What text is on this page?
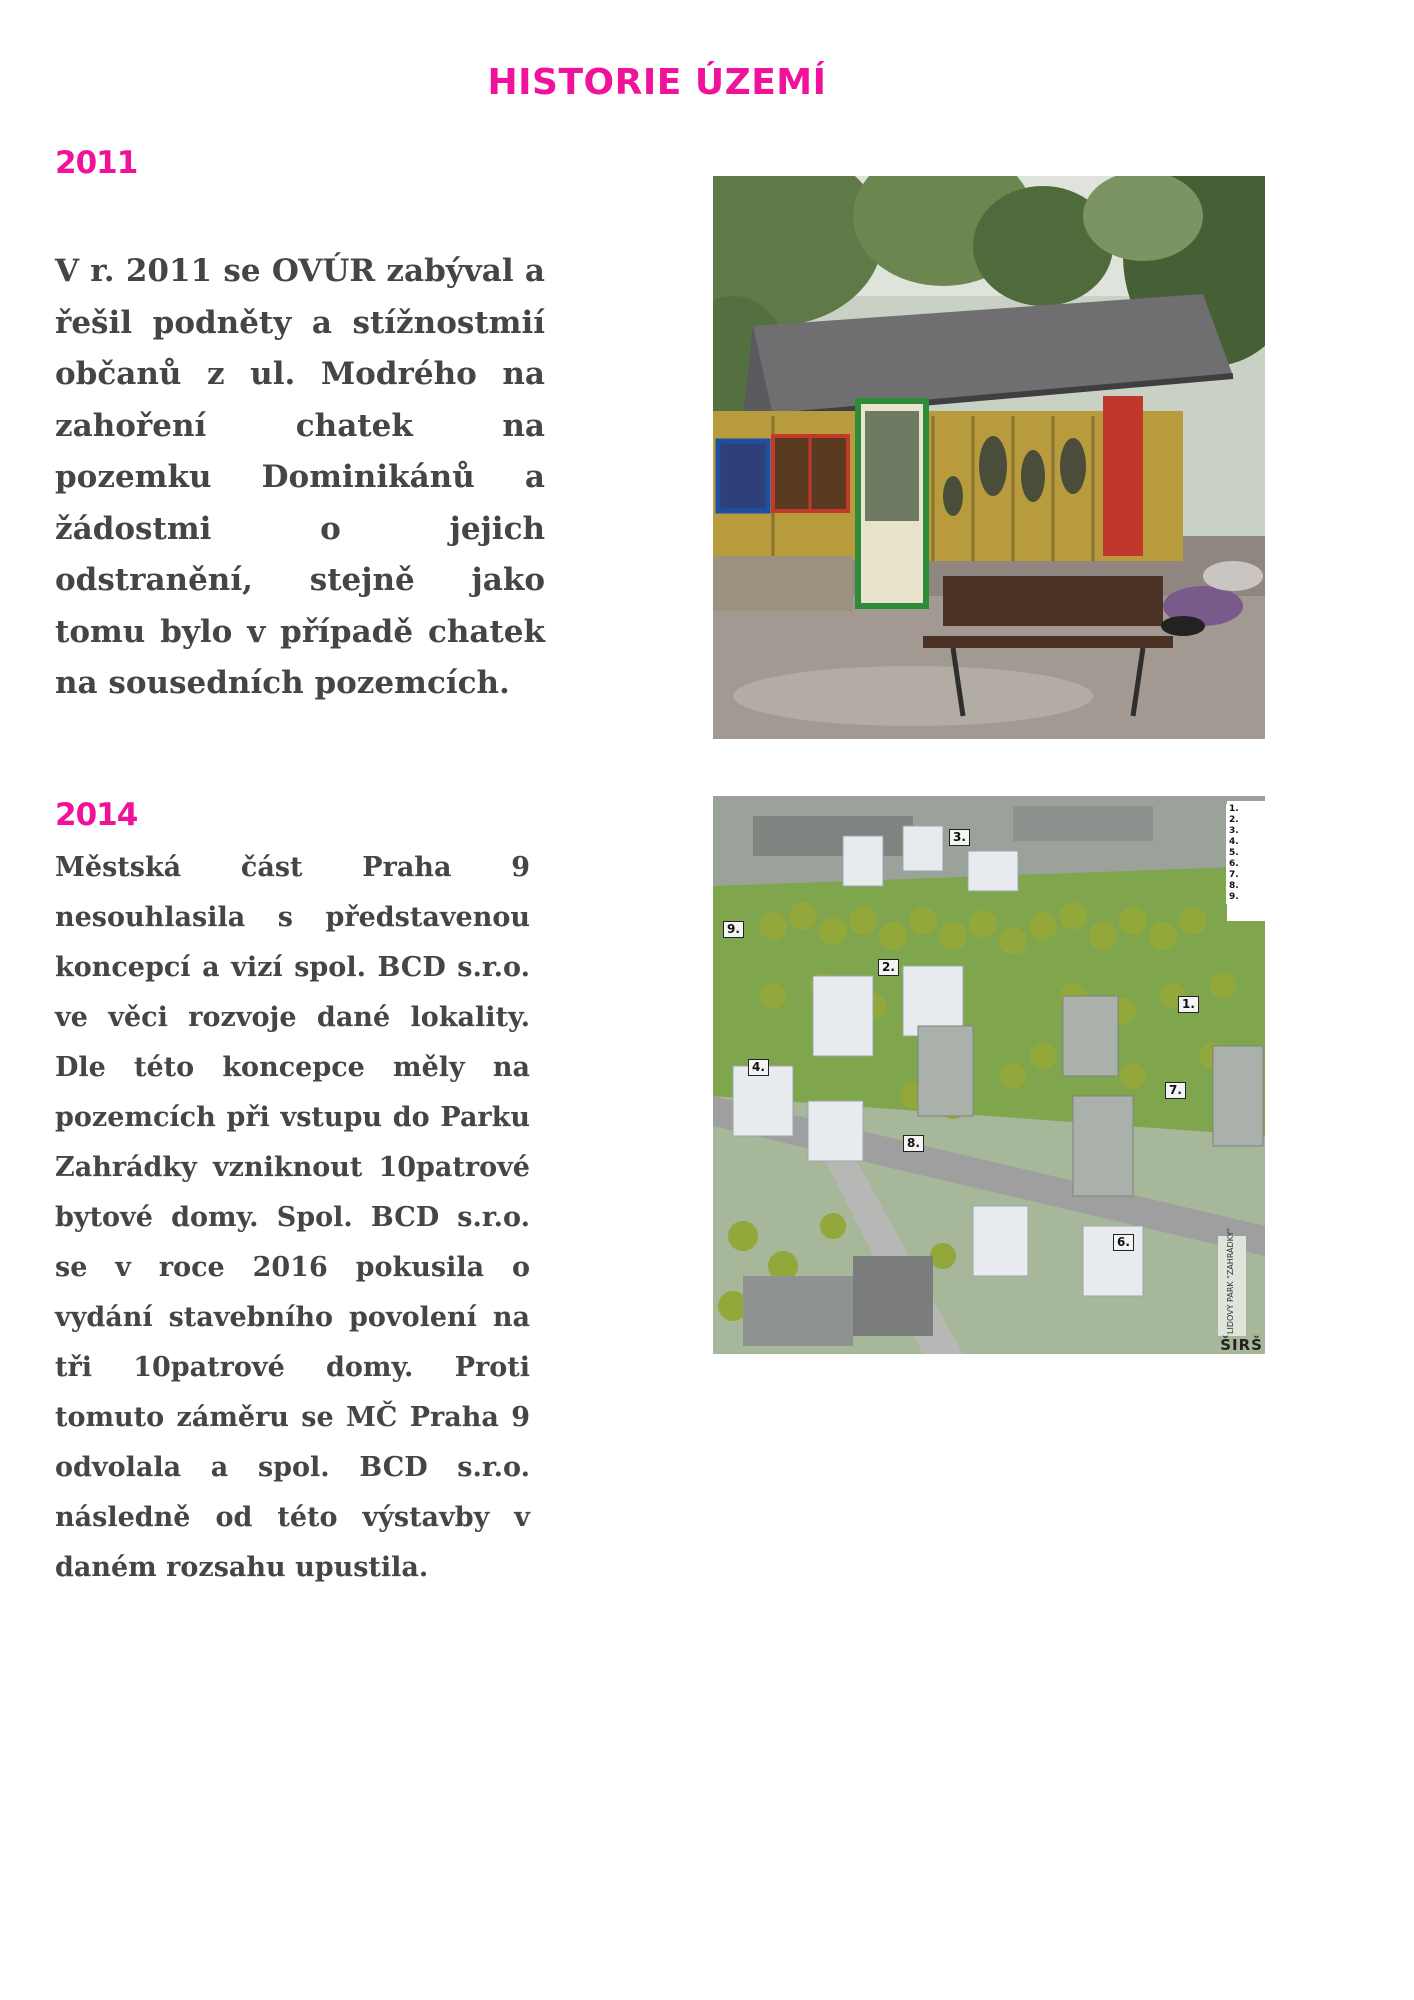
HISTORIE ÚZEMÍ
2011
V r. 2011 se OVÚR zabýval a řešil podněty a stížnostmií občanů z ul. Modrého na zahoření chatek na pozemku Dominikánů a žádostmi o jejich odstranění, stejně jako tomu bylo v případě chatek na sousedních pozemcích.
2014
Městská část Praha 9 nesouhlasila s představenou koncepcí a vizí spol. BCD s.r.o. ve věci rozvoje dané lokality. Dle této koncepce měly na pozemcích při vstupu do Parku Zahrádky vzniknout 10patrové bytové domy. Spol. BCD s.r.o. se v roce 2016 pokusila o vydání stavebního povolení na tři 10patrové domy. Proti tomuto záměru se MČ Praha 9 odvolala a spol. BCD s.r.o. následně od této výstavby v daném rozsahu upustila.
LIDOVÝ PARK "ZAHRÁDKY"
3.
9.
2.
1.
4.
7.
8.
6.
1.
2.
3.
4.
5.
6.
7.
8.
9.
ŠIRŠ
